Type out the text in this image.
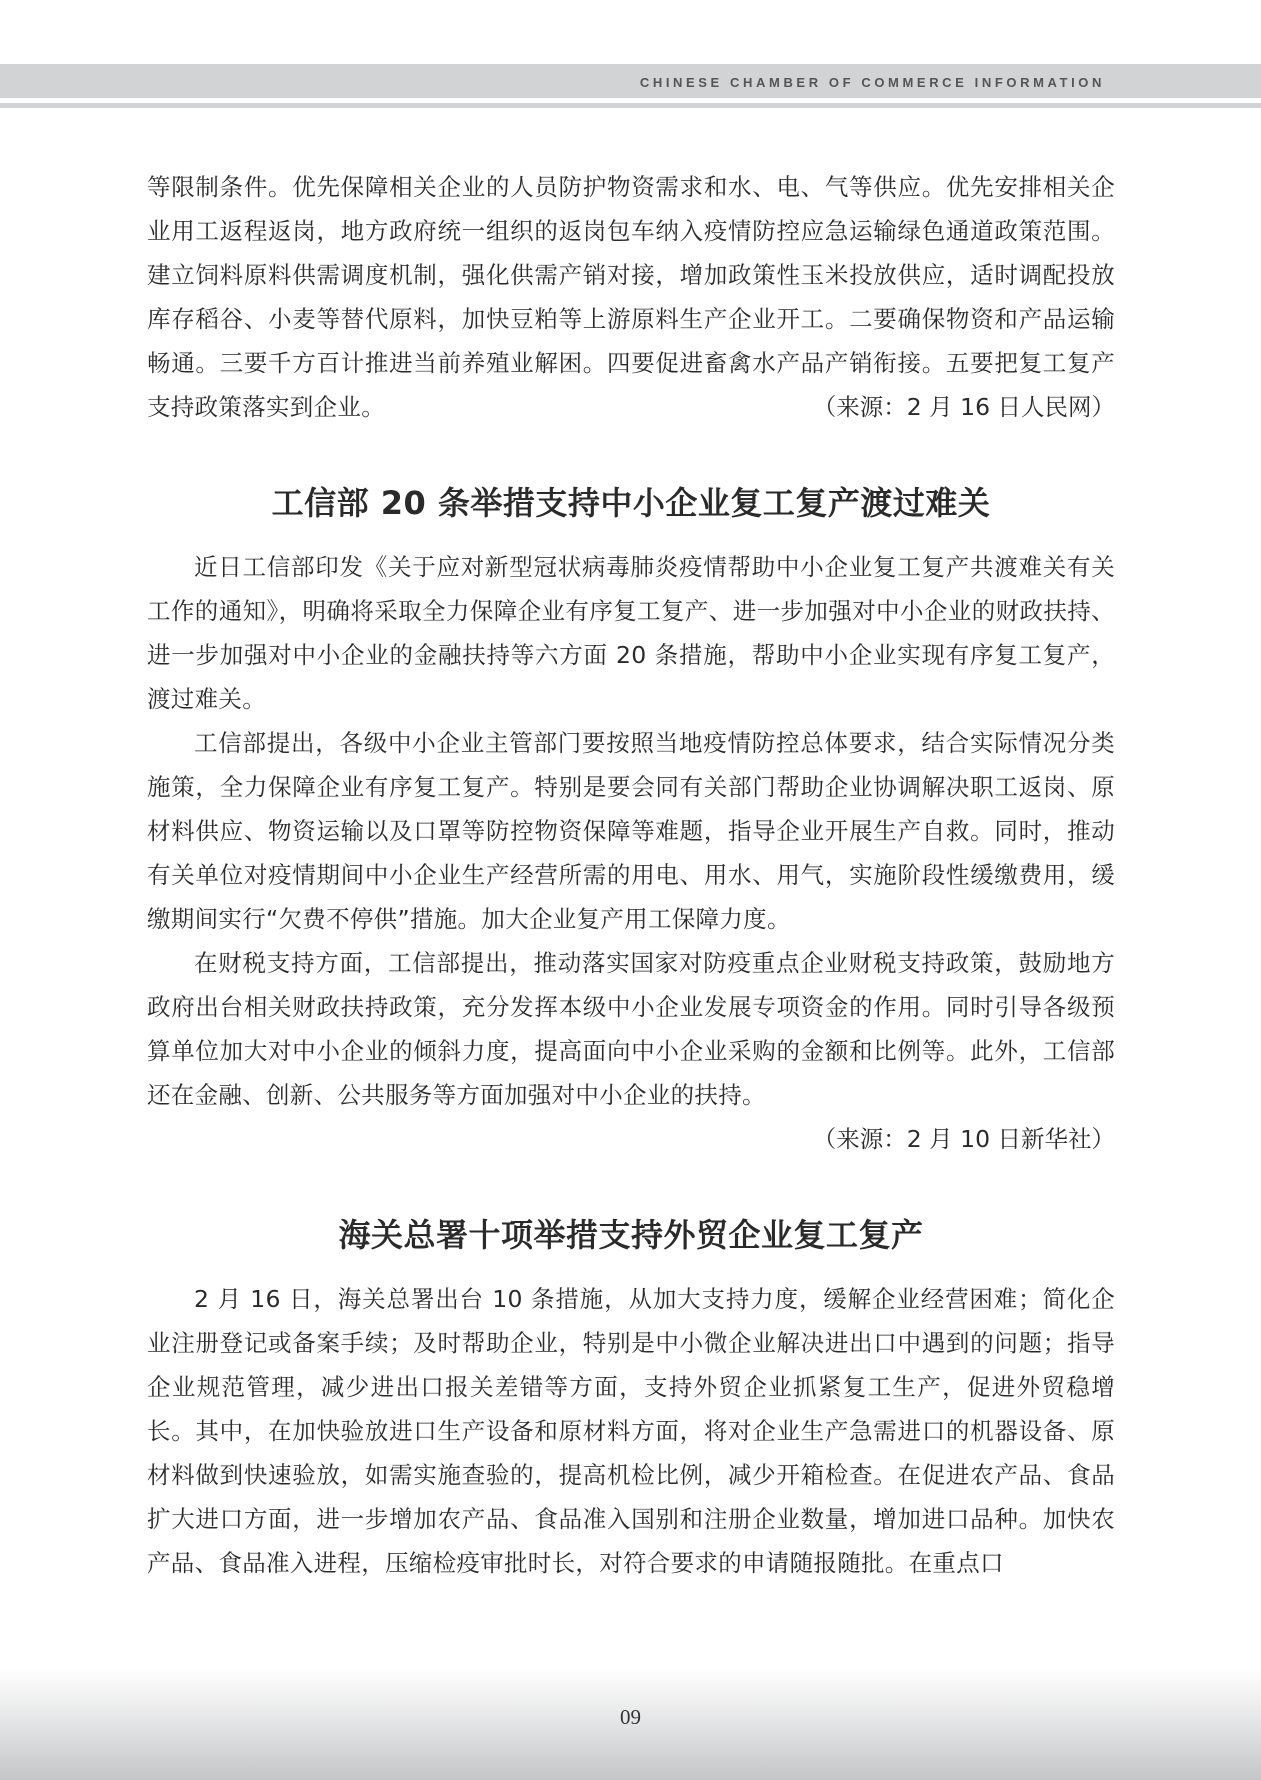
CHINESE CHAMBER OF COMMERCE INFORMATION

等限制条件。优先保障相关企业的人员防护物资需求和水、电、气等供应。优先安排相关企业用工返程返岗，地方政府统一组织的返岗包车纳入疫情防控应急运输绿色通道政策范围。建立饲料原料供需调度机制，强化供需产销对接，增加政策性玉米投放供应，适时调配投放库存稻谷、小麦等替代原料，加快豆粕等上游原料生产企业开工。二要确保物资和产品运输畅通。三要千方百计推进当前养殖业解困。四要促进畜禽水产品产销衔接。五要把复工复产支持政策落实到企业。	（来源：2 月 16 日人民网）

工信部 20 条举措支持中小企业复工复产渡过难关

近日工信部印发《关于应对新型冠状病毒肺炎疫情帮助中小企业复工复产共渡难关有关工作的通知》，明确将采取全力保障企业有序复工复产、进一步加强对中小企业的财政扶持、进一步加强对中小企业的金融扶持等六方面 20 条措施，帮助中小企业实现有序复工复产，渡过难关。

工信部提出，各级中小企业主管部门要按照当地疫情防控总体要求，结合实际情况分类施策，全力保障企业有序复工复产。特别是要会同有关部门帮助企业协调解决职工返岗、原材料供应、物资运输以及口罩等防控物资保障等难题，指导企业开展生产自救。同时，推动有关单位对疫情期间中小企业生产经营所需的用电、用水、用气，实施阶段性缓缴费用，缓缴期间实行“欠费不停供”措施。加大企业复产用工保障力度。

在财税支持方面，工信部提出，推动落实国家对防疫重点企业财税支持政策，鼓励地方政府出台相关财政扶持政策，充分发挥本级中小企业发展专项资金的作用。同时引导各级预算单位加大对中小企业的倾斜力度，提高面向中小企业采购的金额和比例等。此外，工信部还在金融、创新、公共服务等方面加强对中小企业的扶持。

（来源：2 月 10 日新华社）

海关总署十项举措支持外贸企业复工复产

2 月 16 日，海关总署出台 10 条措施，从加大支持力度，缓解企业经营困难；简化企业注册登记或备案手续；及时帮助企业，特别是中小微企业解决进出口中遇到的问题；指导企业规范管理，减少进出口报关差错等方面，支持外贸企业抓紧复工生产，促进外贸稳增长。其中，在加快验放进口生产设备和原材料方面，将对企业生产急需进口的机器设备、原材料做到快速验放，如需实施查验的，提高机检比例，减少开箱检查。在促进农产品、食品扩大进口方面，进一步增加农产品、食品准入国别和注册企业数量，增加进口品种。加快农产品、食品准入进程，压缩检疫审批时长，对符合要求的申请随报随批。在重点口

09
